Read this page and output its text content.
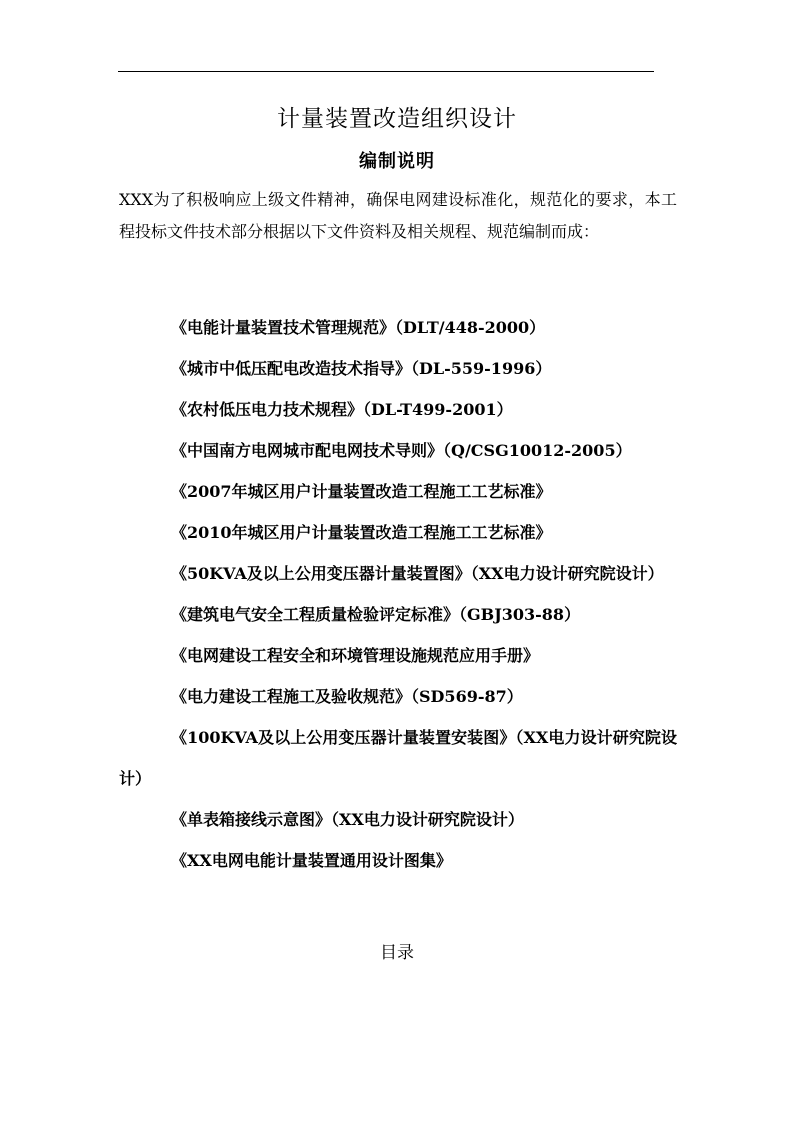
计量装置改造组织设计
编制说明

XXX为了积极响应上级文件精神，确保电网建设标准化，规范化的要求，本工程投标文件技术部分根据以下文件资料及相关规程、规范编制而成：

《电能计量装置技术管理规范》（DLT/448-2000）
《城市中低压配电改造技术指导》（DL-559-1996）
《农村低压电力技术规程》（DL-T499-2001）
《中国南方电网城市配电网技术导则》（Q/CSG10012-2005）
《2007年城区用户计量装置改造工程施工工艺标准》
《2010年城区用户计量装置改造工程施工工艺标准》
《50KVA及以上公用变压器计量装置图》（XX电力设计研究院设计）
《建筑电气安全工程质量检验评定标准》（GBJ303-88）
《电网建设工程安全和环境管理设施规范应用手册》
《电力建设工程施工及验收规范》（SD569-87）
《100KVA及以上公用变压器计量装置安装图》（XX电力设计研究院设计）
《单表箱接线示意图》（XX电力设计研究院设计）
《XX电网电能计量装置通用设计图集》
目录
